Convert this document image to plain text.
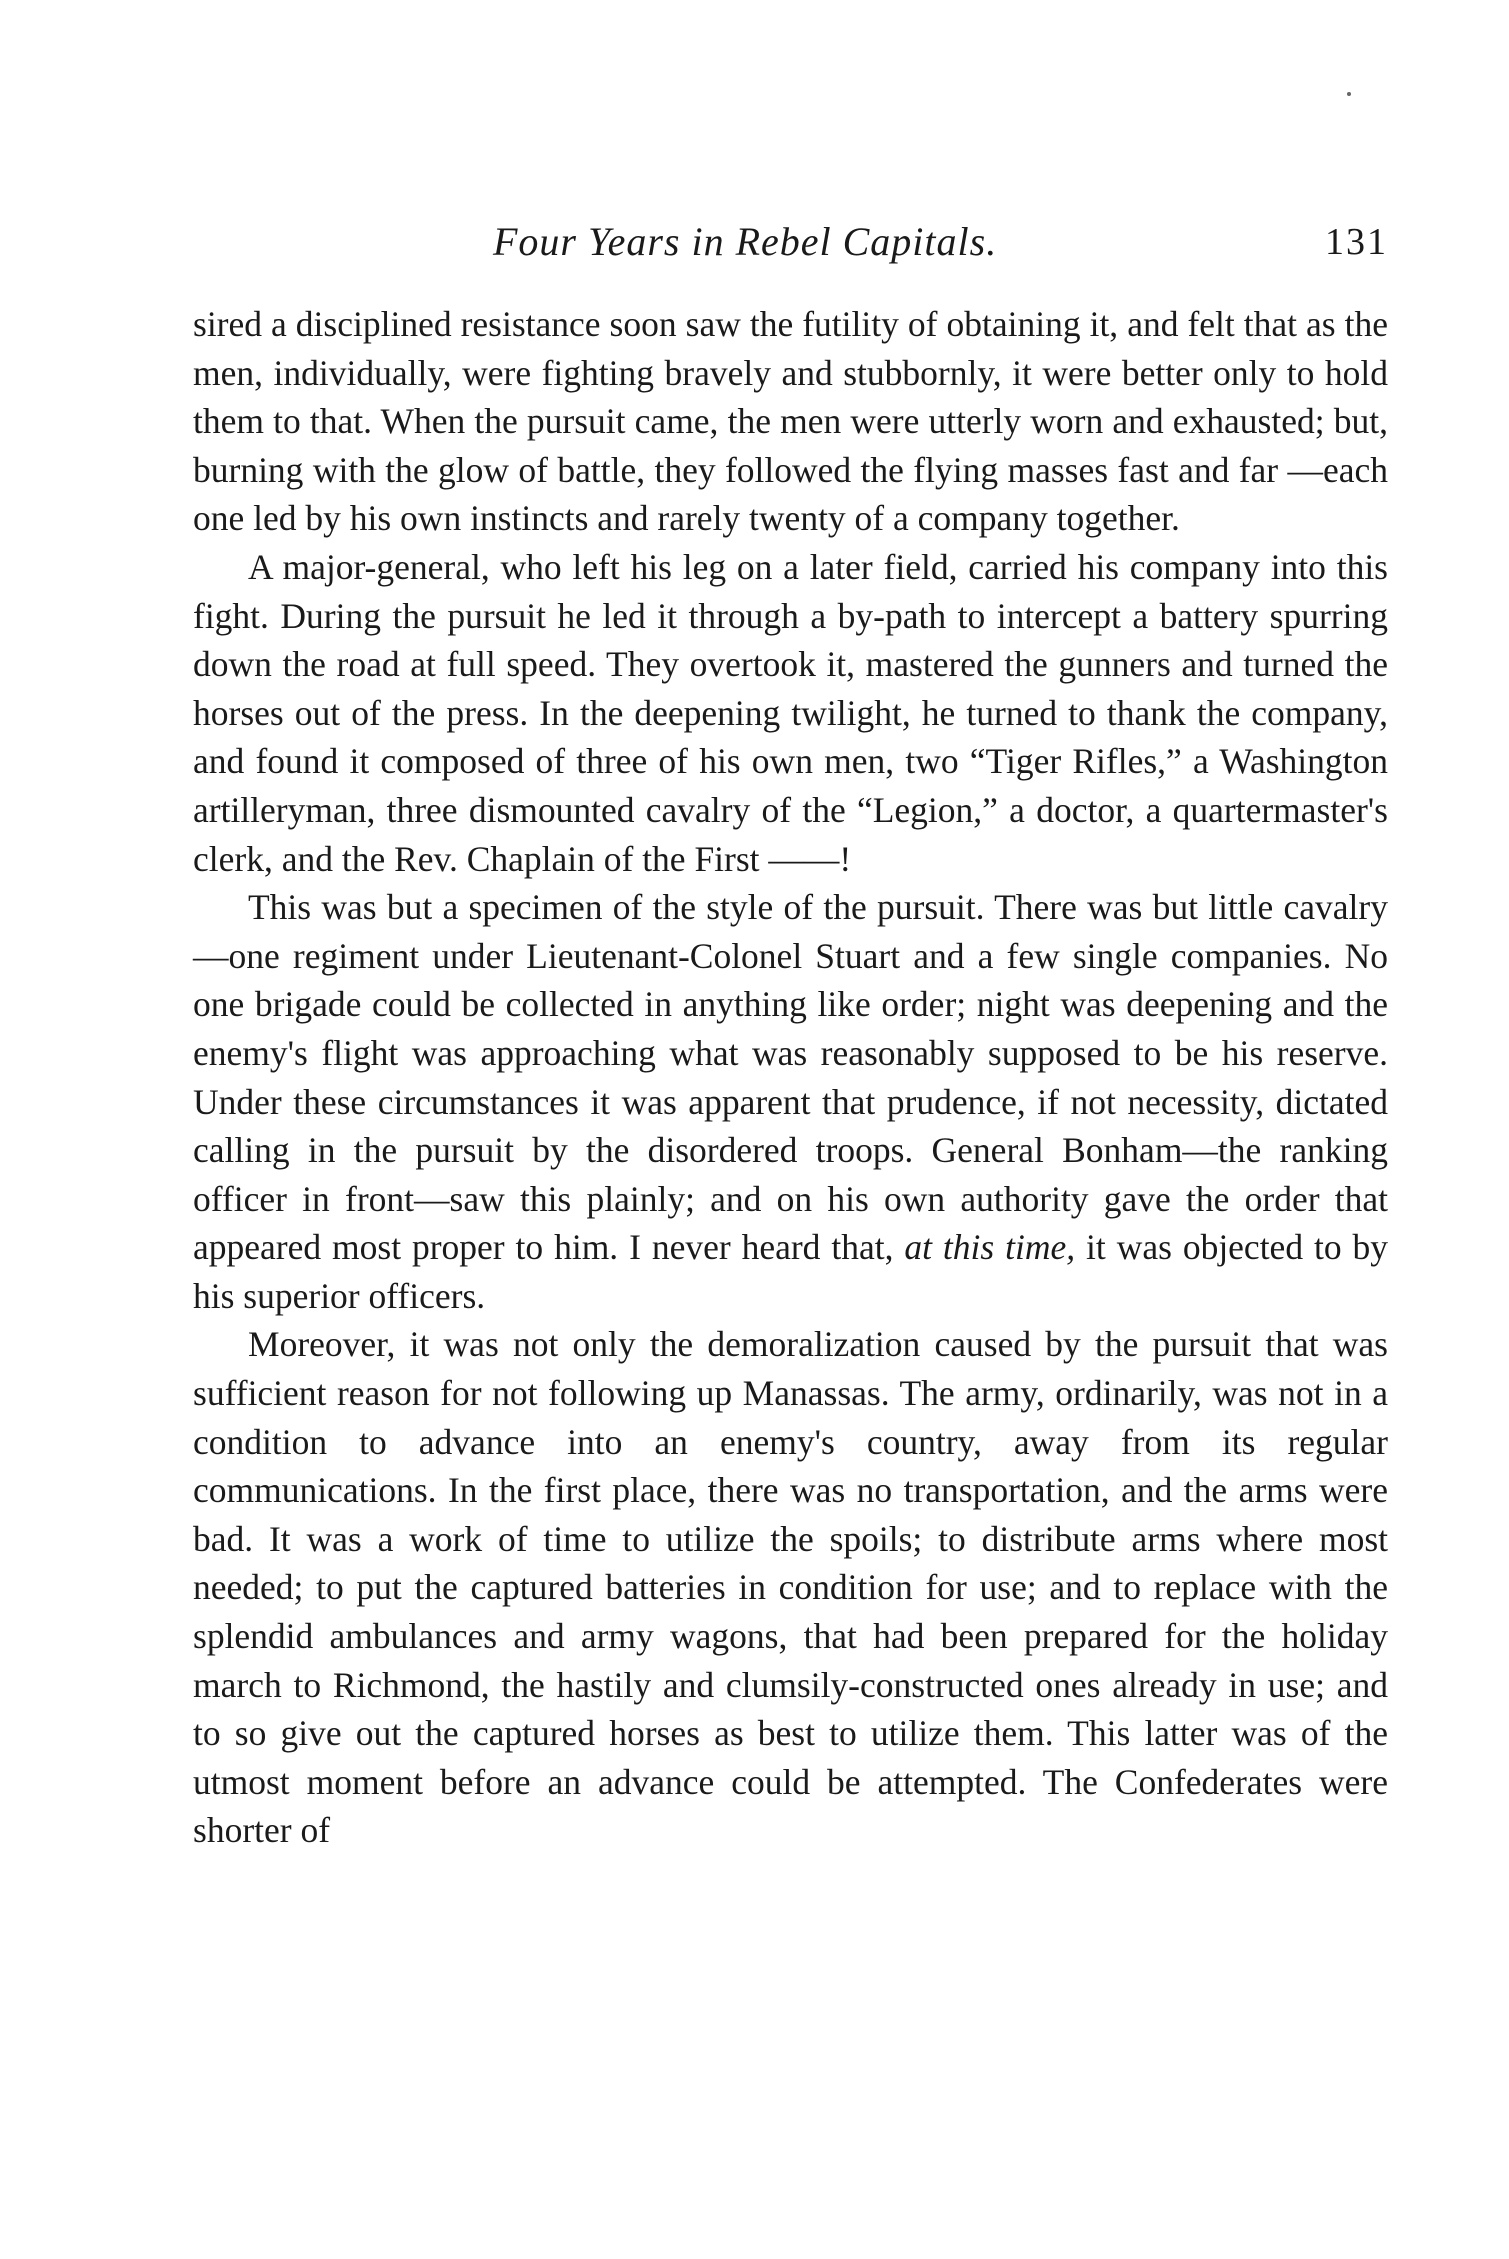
Four Years in Rebel Capitals.	131

sired a disciplined resistance soon saw the futility of obtaining it, and felt that as the men, individually, were fighting bravely and stubbornly, it were better only to hold them to that. When the pursuit came, the men were utterly worn and exhausted; but, burning with the glow of battle, they followed the flying masses fast and far —each one led by his own instincts and rarely twenty of a company together.

A major-general, who left his leg on a later field, carried his company into this fight. During the pursuit he led it through a by-path to intercept a battery spurring down the road at full speed. They overtook it, mastered the gunners and turned the horses out of the press. In the deepening twilight, he turned to thank the company, and found it composed of three of his own men, two “Tiger Rifles,” a Washington artilleryman, three dismounted cavalry of the “Legion,” a doctor, a quartermaster's clerk, and the Rev. Chaplain of the First ——!

This was but a specimen of the style of the pursuit. There was but little cavalry—one regiment under Lieutenant-Colonel Stuart and a few single companies. No one brigade could be collected in anything like order; night was deepening and the enemy's flight was approaching what was reasonably supposed to be his reserve. Under these circumstances it was apparent that prudence, if not necessity, dictated calling in the pursuit by the disordered troops. General Bonham—the ranking officer in front—saw this plainly; and on his own authority gave the order that appeared most proper to him. I never heard that, at this time, it was objected to by his superior officers.

Moreover, it was not only the demoralization caused by the pursuit that was sufficient reason for not following up Manassas. The army, ordinarily, was not in a condition to advance into an enemy's country, away from its regular communications. In the first place, there was no transportation, and the arms were bad. It was a work of time to utilize the spoils; to distribute arms where most needed; to put the captured batteries in condition for use; and to replace with the splendid ambulances and army wagons, that had been prepared for the holiday march to Richmond, the hastily and clumsily-constructed ones already in use; and to so give out the captured horses as best to utilize them. This latter was of the utmost moment before an advance could be attempted. The Confederates were shorter of
